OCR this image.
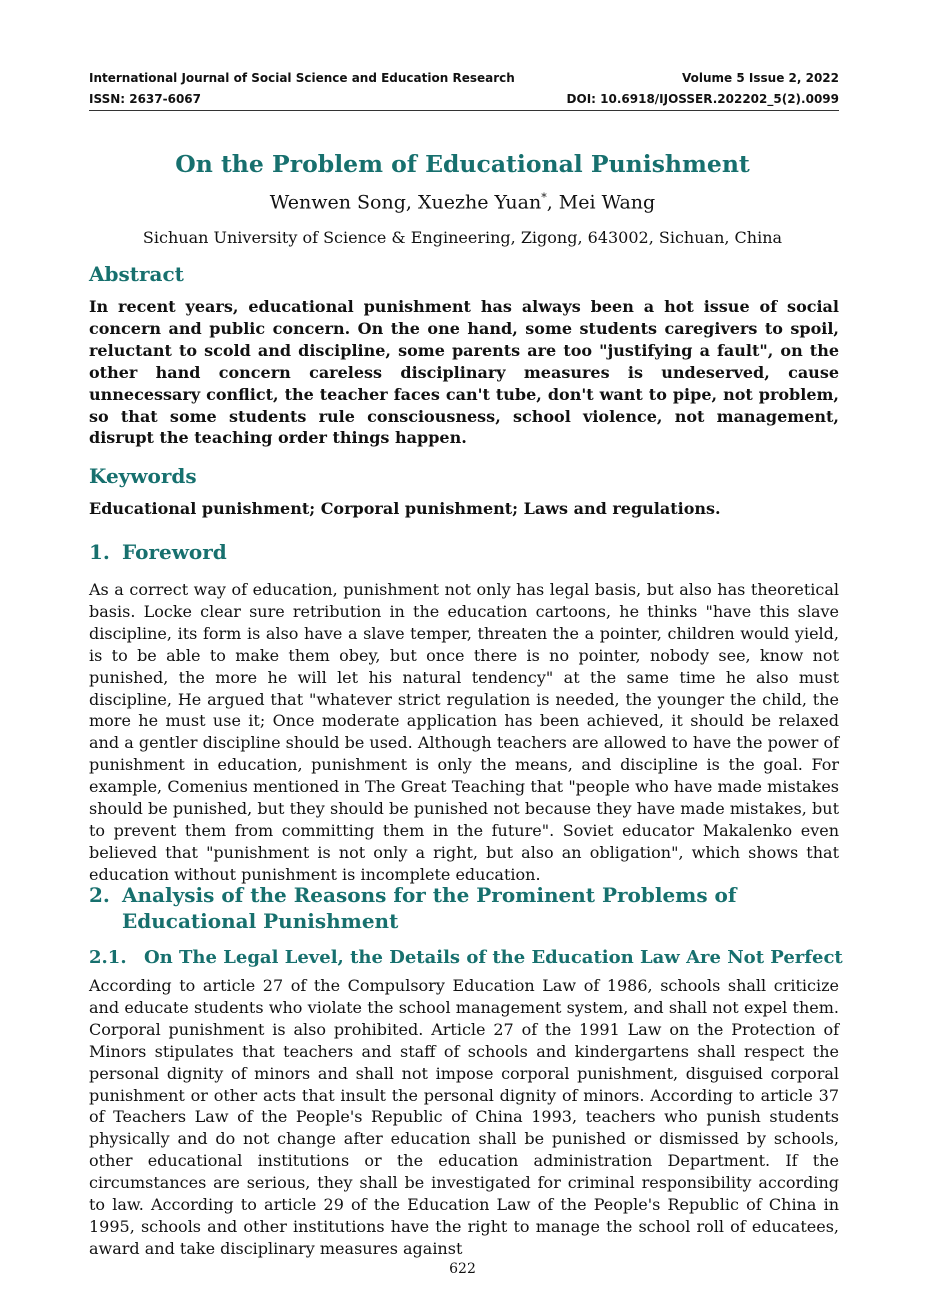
International Journal of Social Science and Education Research	Volume 5 Issue 2, 2022
ISSN: 2637-6067	DOI: 10.6918/IJOSSER.202202_5(2).0099
On the Problem of Educational Punishment
Wenwen Song, Xuezhe Yuan*, Mei Wang
Sichuan University of Science & Engineering, Zigong, 643002, Sichuan, China
Abstract

In recent years, educational punishment has always been a hot issue of social concern and public concern. On the one hand, some students caregivers to spoil, reluctant to scold and discipline, some parents are too "justifying a fault", on the other hand concern careless disciplinary measures is undeserved, cause unnecessary conflict, the teacher faces can't tube, don't want to pipe, not problem, so that some students rule consciousness, school violence, not management, disrupt the teaching order things happen.

Keywords

Educational punishment; Corporal punishment; Laws and regulations.

1. Foreword

As a correct way of education, punishment not only has legal basis, but also has theoretical basis. Locke clear sure retribution in the education cartoons, he thinks "have this slave discipline, its form is also have a slave temper, threaten the a pointer, children would yield, is to be able to make them obey, but once there is no pointer, nobody see, know not punished, the more he will let his natural tendency" at the same time he also must discipline, He argued that "whatever strict regulation is needed, the younger the child, the more he must use it; Once moderate application has been achieved, it should be relaxed and a gentler discipline should be used. Although teachers are allowed to have the power of punishment in education, punishment is only the means, and discipline is the goal. For example, Comenius mentioned in The Great Teaching that "people who have made mistakes should be punished, but they should be punished not because they have made mistakes, but to prevent them from committing them in the future". Soviet educator Makalenko even believed that "punishment is not only a right, but also an obligation", which shows that education without punishment is incomplete education.

2. Analysis of the Reasons for the Prominent Problems of Educational Punishment
2.1. On The Legal Level, the Details of the Education Law Are Not Perfect

According to article 27 of the Compulsory Education Law of 1986, schools shall criticize and educate students who violate the school management system, and shall not expel them. Corporal punishment is also prohibited. Article 27 of the 1991 Law on the Protection of Minors stipulates that teachers and staff of schools and kindergartens shall respect the personal dignity of minors and shall not impose corporal punishment, disguised corporal punishment or other acts that insult the personal dignity of minors. According to article 37 of Teachers Law of the People's Republic of China 1993, teachers who punish students physically and do not change after education shall be punished or dismissed by schools, other educational institutions or the education administration Department. If the circumstances are serious, they shall be investigated for criminal responsibility according to law. According to article 29 of the Education Law of the People's Republic of China in 1995, schools and other institutions have the right to manage the school roll of educatees, award and take disciplinary measures against

622
